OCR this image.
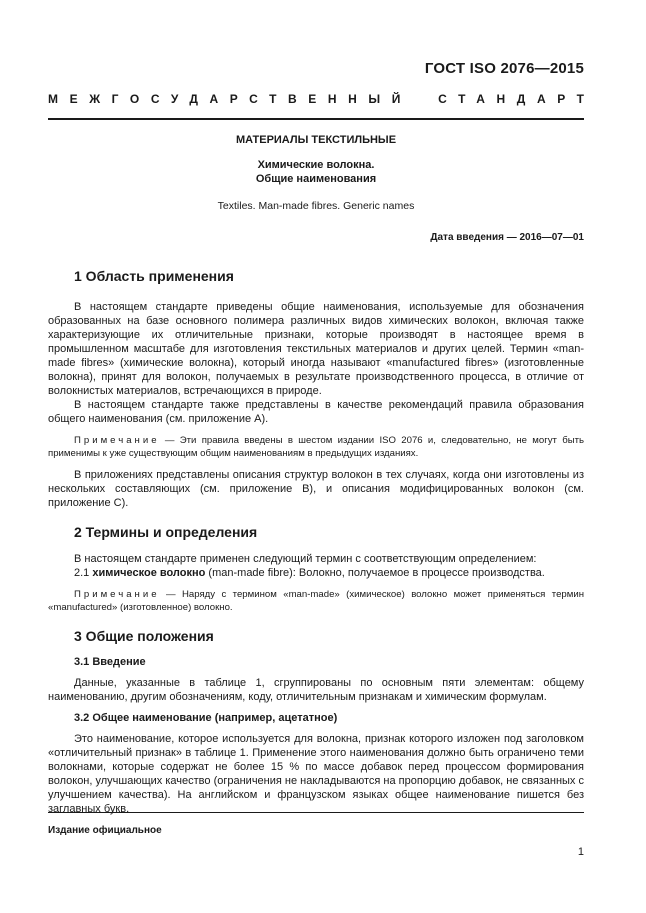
ГОСТ ISO 2076—2015
МЕЖГОСУДАРСТВЕННЫЙ СТАНДАРТ
МАТЕРИАЛЫ ТЕКСТИЛЬНЫЕ
Химические волокна.
Общие наименования
Textiles. Man-made fibres. Generic names
Дата введения — 2016—07—01
1 Область применения

В настоящем стандарте приведены общие наименования, используемые для обозначения образованных на базе основного полимера различных видов химических волокон, включая также характеризующие их отличительные признаки, которые производят в настоящее время в промышленном масштабе для изготовления текстильных материалов и других целей. Термин «man-made fibres» (химические волокна), который иногда называют «manufactured fibres» (изготовленные волокна), принят для волокон, получаемых в результате производственного процесса, в отличие от волокнистых материалов, встречающихся в природе.

В настоящем стандарте также представлены в качестве рекомендаций правила образования общего наименования (см. приложение А).

Примечание — Эти правила введены в шестом издании ISO 2076 и, следовательно, не могут быть применимы к уже существующим общим наименованиям в предыдущих изданиях.

В приложениях представлены описания структур волокон в тех случаях, когда они изготовлены из нескольких составляющих (см. приложение В), и описания модифицированных волокон (см. приложение С).

2 Термины и определения

В настоящем стандарте применен следующий термин с соответствующим определением:

2.1 химическое волокно (man-made fibre): Волокно, получаемое в процессе производства.

Примечание — Наряду с термином «man-made» (химическое) волокно может применяться термин «manufactured» (изготовленное) волокно.

3 Общие положения
3.1 Введение

Данные, указанные в таблице 1, сгруппированы по основным пяти элементам: общему наименованию, другим обозначениям, коду, отличительным признакам и химическим формулам.

3.2 Общее наименование (например, ацетатное)

Это наименование, которое используется для волокна, признак которого изложен под заголовком «отличительный признак» в таблице 1. Применение этого наименования должно быть ограничено теми волокнами, которые содержат не более 15 % по массе добавок перед процессом формирования волокон, улучшающих качество (ограничения не накладываются на пропорцию добавок, не связанных с улучшением качества). На английском и французском языках общее наименование пишется без заглавных букв.

Издание официальное
1
